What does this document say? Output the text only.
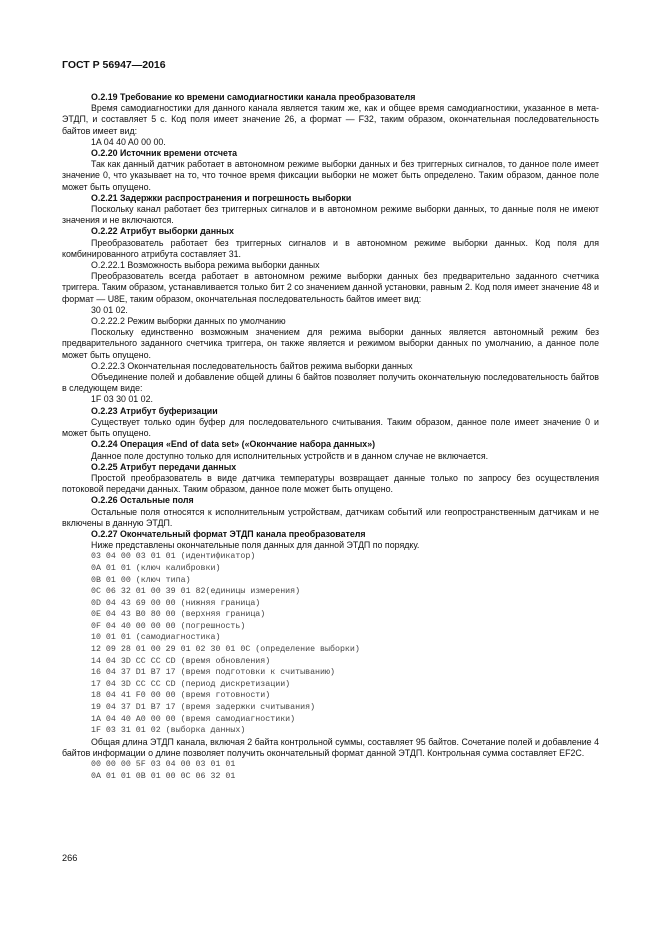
ГОСТ Р 56947—2016
O.2.19 Требование ко времени самодиагностики канала преобразователя
Время самодиагностики для данного канала является таким же, как и общее время самодиагностики, указанное в мета-ЭТДП, и составляет 5 с. Код поля имеет значение 26, а формат — F32, таким образом, окончательная последовательность байтов имеет вид:
1A 04 40 A0 00 00.
O.2.20 Источник времени отсчета
Так как данный датчик работает в автономном режиме выборки данных и без триггерных сигналов, то данное поле имеет значение 0, что указывает на то, что точное время фиксации выборки не может быть определено. Таким образом, данное поле может быть опущено.
O.2.21 Задержки распространения и погрешность выборки
Поскольку канал работает без триггерных сигналов и в автономном режиме выборки данных, то данные поля не имеют значения и не включаются.
O.2.22 Атрибут выборки данных
Преобразователь работает без триггерных сигналов и в автономном режиме выборки данных. Код поля для комбинированного атрибута составляет 31.
O.2.22.1 Возможность выбора режима выборки данных
Преобразователь всегда работает в автономном режиме выборки данных без предварительно заданного счетчика триггера. Таким образом, устанавливается только бит 2 со значением данной установки, равным 2. Код поля имеет значение 48 и формат — U8E, таким образом, окончательная последовательность байтов имеет вид:
30 01 02.
O.2.22.2 Режим выборки данных по умолчанию
Поскольку единственно возможным значением для режима выборки данных является автономный режим без предварительного заданного счетчика триггера, он также является и режимом выборки данных по умолчанию, а данное поле может быть опущено.
O.2.22.3 Окончательная последовательность байтов режима выборки данных
Объединение полей и добавление общей длины 6 байтов позволяет получить окончательную последовательность байтов в следующем виде:
1F 03 30 01 02.
O.2.23 Атрибут буферизации
Существует только один буфер для последовательного считывания. Таким образом, данное поле имеет значение 0 и может быть опущено.
O.2.24 Операция «End of data set» («Окончание набора данных»)
Данное поле доступно только для исполнительных устройств и в данном случае не включается.
O.2.25 Атрибут передачи данных
Простой преобразователь в виде датчика температуры возвращает данные только по запросу без осуществления потоковой передачи данных. Таким образом, данное поле может быть опущено.
O.2.26 Остальные поля
Остальные поля относятся к исполнительным устройствам, датчикам событий или геопространственным датчикам и не включены в данную ЭТДП.
O.2.27 Окончательный формат ЭТДП канала преобразователя
Ниже представлены окончательные поля данных для данной ЭТДП по порядку.
03 04 00 03 01 01 (идентификатор)
0A 01 01 (ключ калибровки)
0B 01 00 (ключ типа)
0C 06 32 01 00 39 01 82(единицы измерения)
0D 04 43 69 00 00 (нижняя граница)
0E 04 43 B0 80 00 (верхняя граница)
0F 04 40 00 00 00 (погрешность)
10 01 01 (самодиагностика)
12 09 28 01 00 29 01 02 30 01 0C (определение выборки)
14 04 3D CC CC CD (время обновления)
16 04 37 D1 B7 17 (время подготовки к считыванию)
17 04 3D CC CC CD (период дискретизации)
18 04 41 F0 00 00 (время готовности)
19 04 37 D1 B7 17 (время задержки считывания)
1A 04 40 A0 00 00 (время самодиагностики)
1F 03 31 01 02 (выборка данных)
Общая длина ЭТДП канала, включая 2 байта контрольной суммы, составляет 95 байтов. Сочетание полей и добавление 4 байтов информации о длине позволяет получить окончательный формат данной ЭТДП. Контрольная сумма составляет EF2C.
00 00 00 5F 03 04 00 03 01 01
0A 01 01 0B 01 00 0C 06 32 01
266
